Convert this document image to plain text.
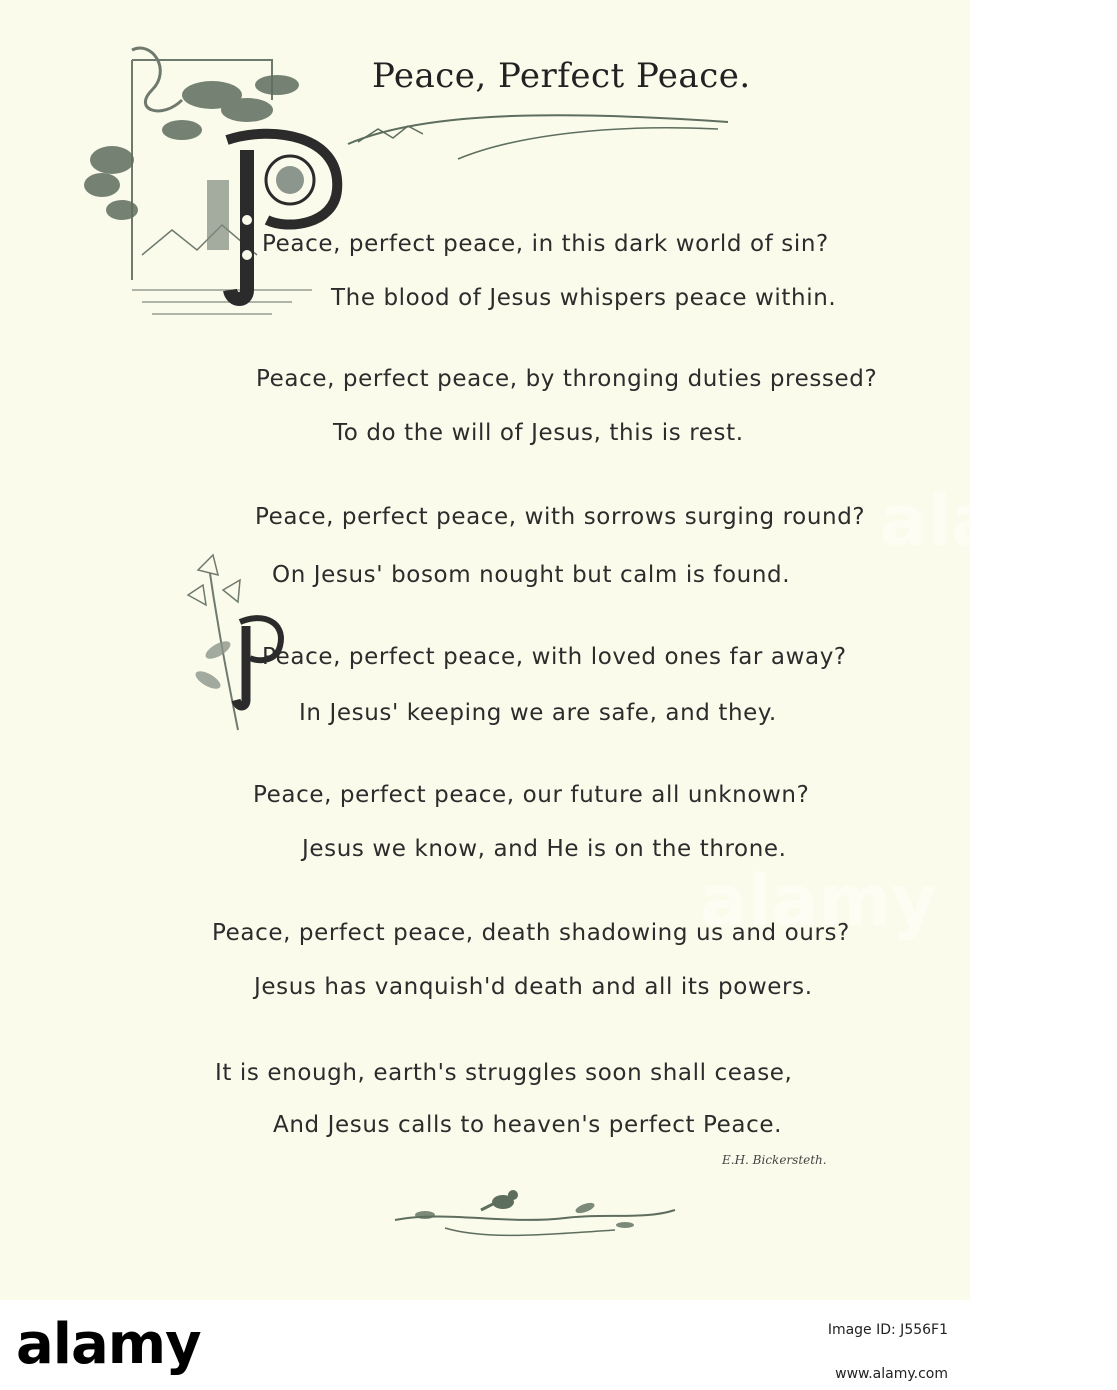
Peace, Perfect Peace.
Peace, perfect peace, in this dark world of sin?
The blood of Jesus whispers peace within.
Peace, perfect peace, by thronging duties pressed?
To do the will of Jesus, this is rest.
Peace, perfect peace, with sorrows surging round?
On Jesus' bosom nought but calm is found.
Peace, perfect peace, with loved ones far away?
In Jesus' keeping we are safe, and they.
Peace, perfect peace, our future all unknown?
Jesus we know, and He is on the throne.
Peace, perfect peace, death shadowing us and ours?
Jesus has vanquish'd death and all its powers.
It is enough, earth's struggles soon shall cease,
And Jesus calls to heaven's perfect Peace.
E.H. Bickersteth.
alamy
alamy
alamy	Image ID: J556F1
www.alamy.com
